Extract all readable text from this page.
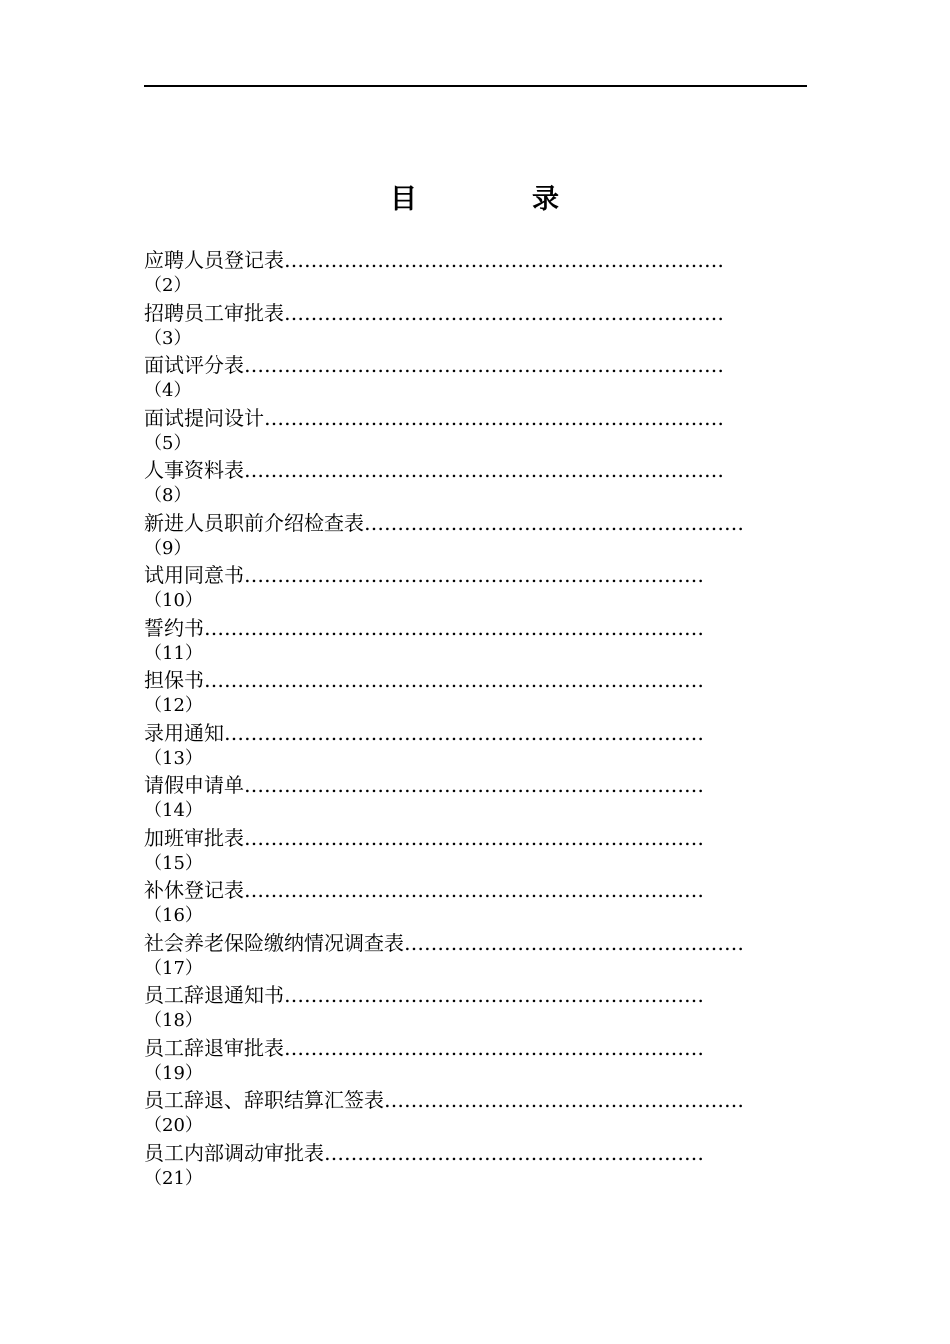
目	录
应聘人员登记表…………………………………………………………
（2）
招聘员工审批表…………………………………………………………
（3）
面试评分表………………………………………………………………
（4）
面试提问设计……………………………………………………………
（5）
人事资料表………………………………………………………………
（8）
新进人员职前介绍检查表…………………………………………………
（9）
试用同意书……………………………………………………………
（10）
誓约书…………………………………………………………………
（11）
担保书…………………………………………………………………
（12）
录用通知………………………………………………………………
（13）
请假申请单……………………………………………………………
（14）
加班审批表……………………………………………………………
（15）
补休登记表……………………………………………………………
（16）
社会养老保险缴纳情况调查表……………………………………………
（17）
员工辞退通知书………………………………………………………
（18）
员工辞退审批表………………………………………………………
（19）
员工辞退、辞职结算汇签表………………………………………………
（20）
员工内部调动审批表…………………………………………………
（21）
